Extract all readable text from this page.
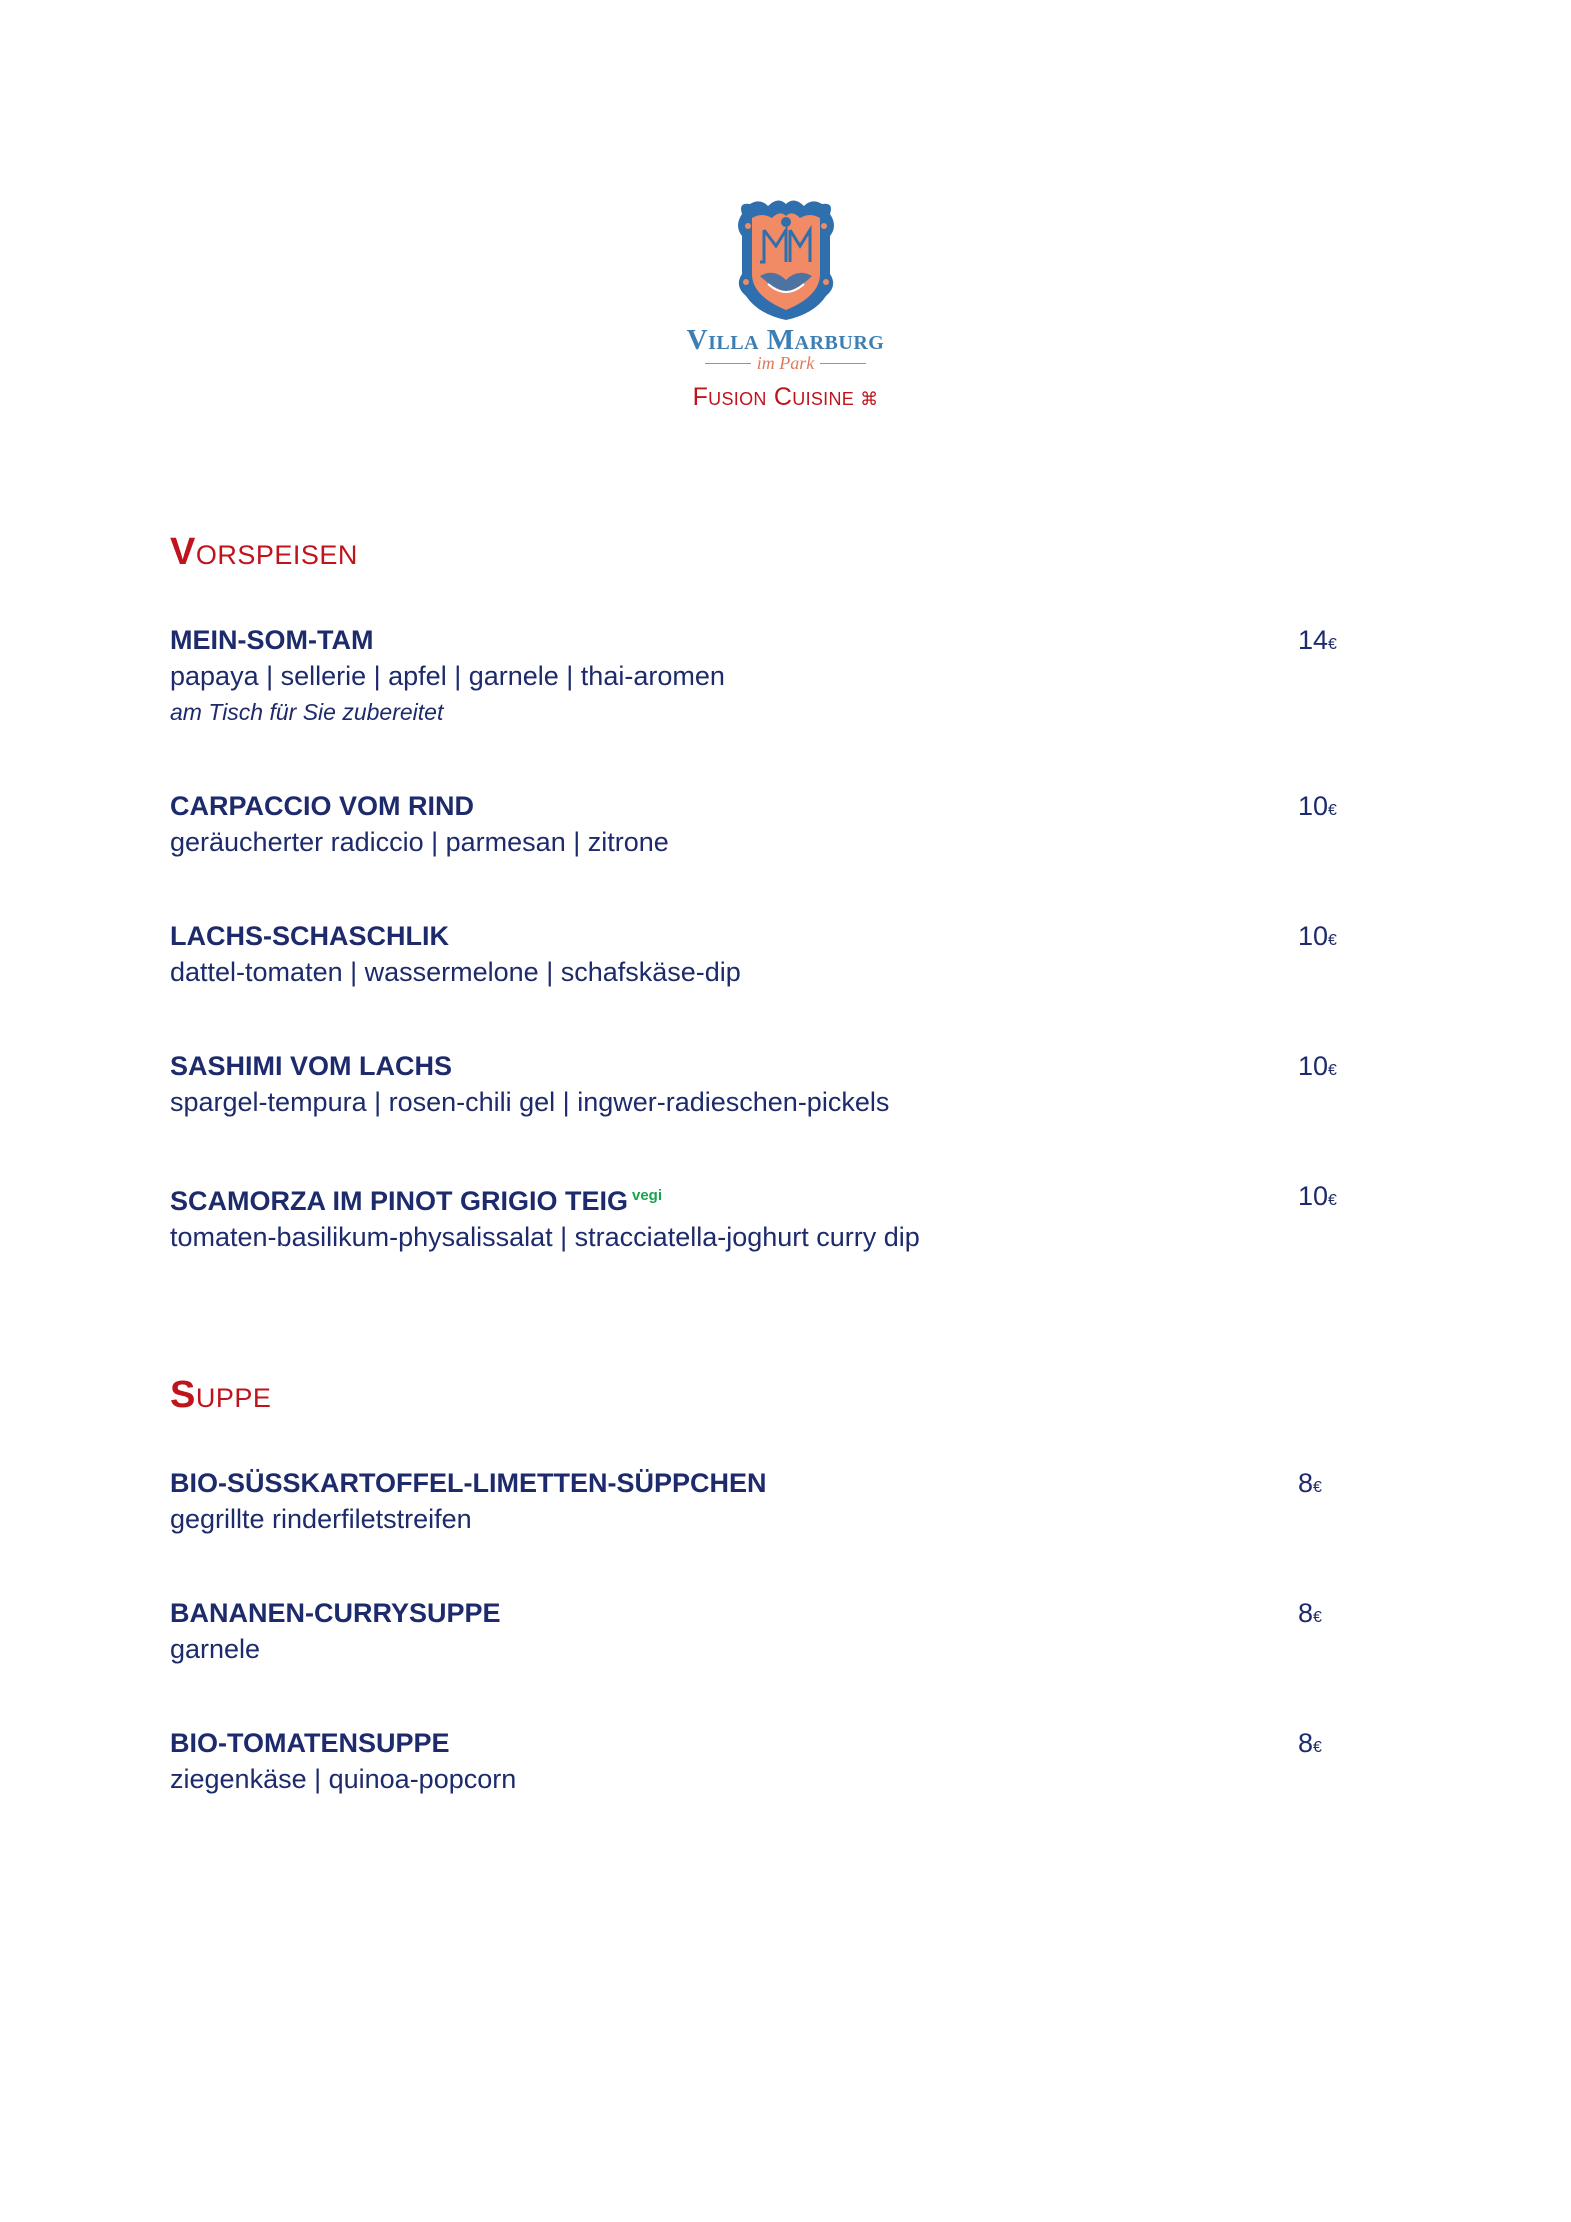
Villa Marburg
im Park
Fusion Cuisine ⌘
Vorspeisen
MEIN-SOM-TAM
papaya | sellerie | apfel | garnele | thai-aromen
am Tisch für Sie zubereitet
14€
CARPACCIO VOM RIND
geräucherter radiccio | parmesan | zitrone
10€
LACHS-SCHASCHLIK
dattel-tomaten | wassermelone | schafskäse-dip
10€
SASHIMI VOM LACHS
spargel-tempura | rosen-chili gel | ingwer-radieschen-pickels
10€
SCAMORZA IM PINOT GRIGIO TEIG $^{vegi}$
tomaten-basilikum-physalissalat | stracciatella-joghurt curry dip
10€
Suppe
BIO-SÜSSKARTOFFEL-LIMETTEN-SÜPPCHEN
gegrillte rinderfiletstreifen
8€
BANANEN-CURRYSUPPE
garnele
8€
BIO-TOMATENSUPPE
ziegenkäse | quinoa-popcorn
8€
